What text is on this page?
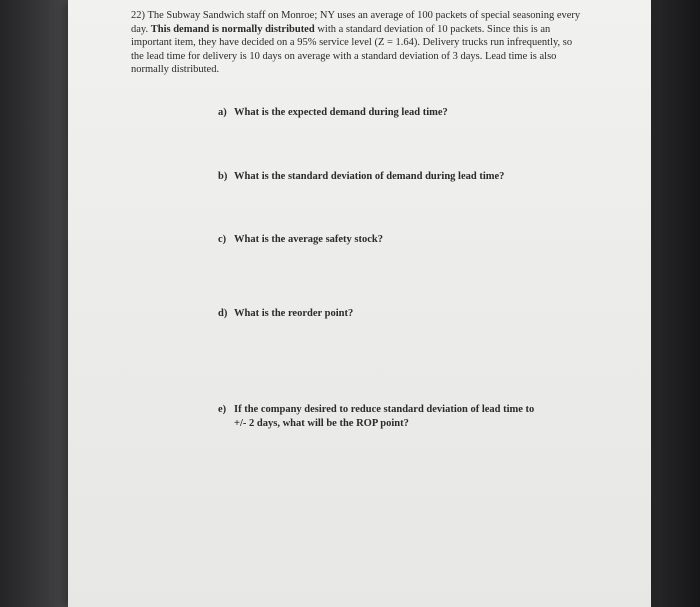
22) The Subway Sandwich staff on Monroe; NY uses an average of 100 packets of special seasoning every day. This demand is normally distributed with a standard deviation of 10 packets. Since this is an important item, they have decided on a 95% service level (Z = 1.64). Delivery trucks run infrequently, so the lead time for delivery is 10 days on average with a standard deviation of 3 days. Lead time is also normally distributed.

a) What is the expected demand during lead time?

b) What is the standard deviation of demand during lead time?

c) What is the average safety stock?

d) What is the reorder point?

e) If the company desired to reduce standard deviation of lead time to
+/- 2 days, what will be the ROP point?
